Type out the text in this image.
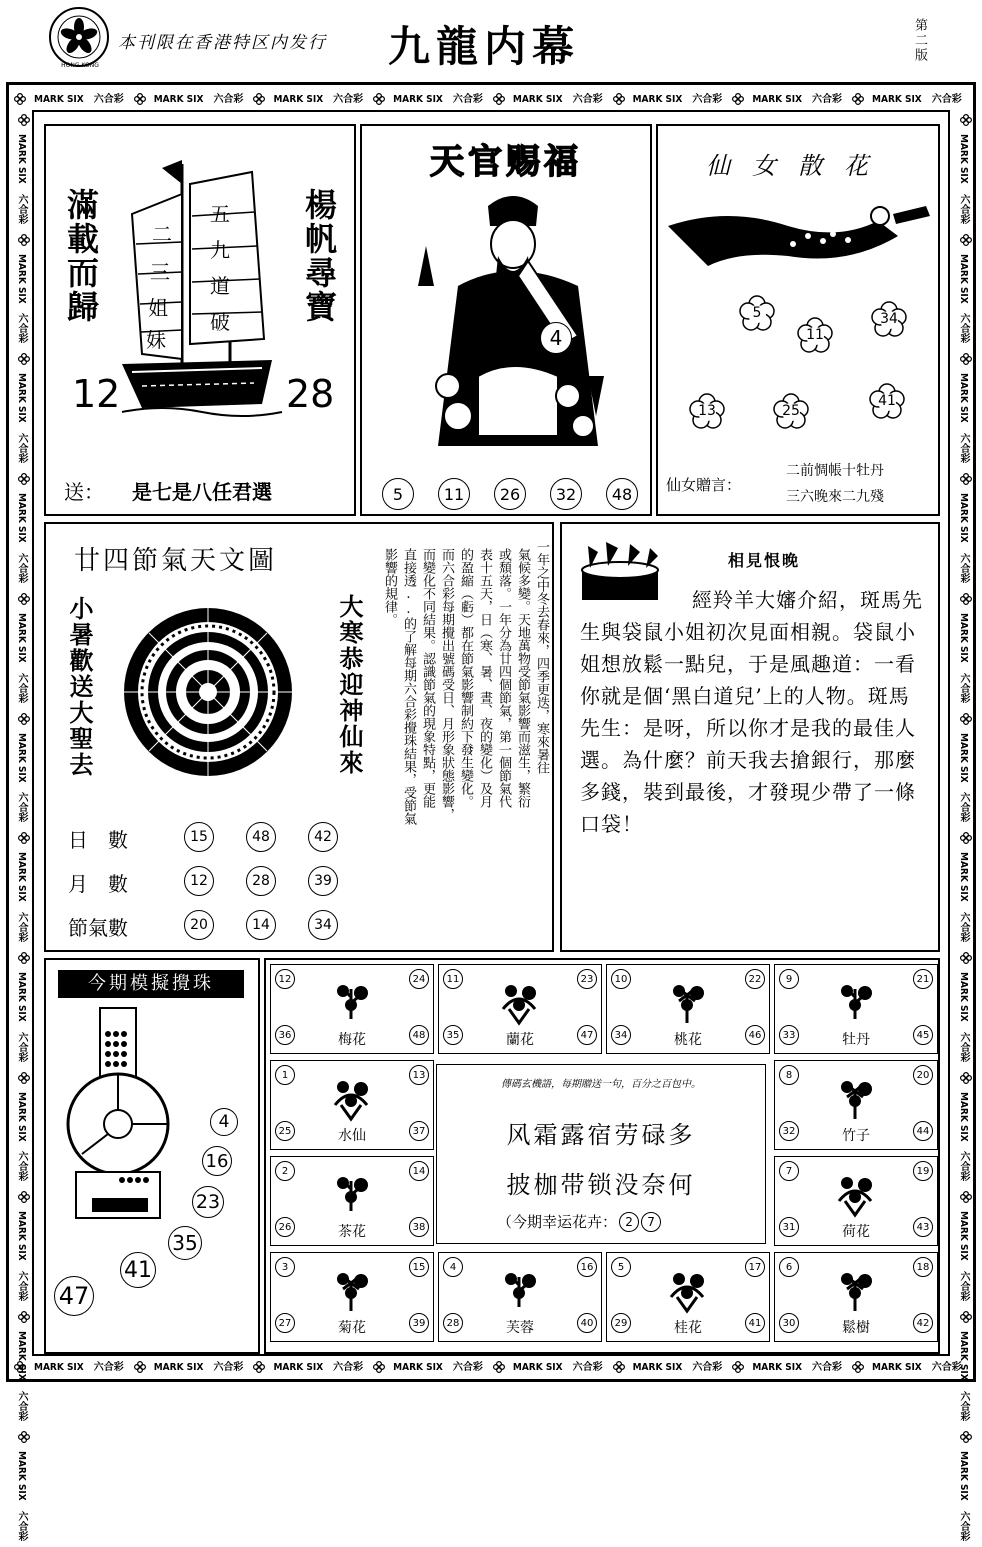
HONG KONG
本刊限在香港特区内发行 九龍内幕	第二版
MARK SIX 六合彩	MARK SIX 六合彩	MARK SIX 六合彩	MARK SIX 六合彩	MARK SIX 六合彩	MARK SIX 六合彩	MARK SIX 六合彩	MARK SIX 六合彩
MARK SIX 六合彩	MARK SIX 六合彩	MARK SIX 六合彩	MARK SIX 六合彩	MARK SIX 六合彩	MARK SIX 六合彩	MARK SIX 六合彩	MARK SIX 六合彩
MARK SIX六合彩MARK SIX六合彩MARK SIX六合彩MARK SIX六合彩MARK SIX六合彩MARK SIX六合彩MARK SIX六合彩MARK SIX六合彩MARK SIX六合彩MARK SIX六合彩MARK SIX六合彩MARK SIX六合彩
MARK SIX六合彩MARK SIX六合彩MARK SIX六合彩MARK SIX六合彩MARK SIX六合彩MARK SIX六合彩MARK SIX六合彩MARK SIX六合彩MARK SIX六合彩MARK SIX六合彩MARK SIX六合彩MARK SIX六合彩
滿載而歸	楊帆尋寶
五
九
道
破
二
三
姐
妹
12	28
送： 是七是八任君選
天官赐福
4
5	11	26	32	48
仙女散花
5
11
34
13	25
41
仙女贈言：
二前惆帳十牡丹
三六晚來二九殘
廿四節氣天文圖
小暑歡送大聖去	大寒恭迎神仙來	一年之中冬去春來，四季更迭，寒來暑往
氣候多變。天地萬物受節氣影響而滋生，繁衍
或頹落。一年分為廿四個節氣，第一個節氣代
表十五天，日（寒、暑、晝、夜的變化）及月
的盈縮（虧）都在節氣影響制約下發生變化。
而六合彩每期攪出號碼受日、月形象狀態影響，
而變化不同結果。認識節氣的現象特點，更能
直接透..的了解每期六合彩攪珠結果，受節氣
影響的規律。
日　數	15	48	42
月　數	12	28	39
節氣數	20	14	34
相見恨晚
經羚羊大嬸介紹，斑馬先生與袋鼠小姐初次見面相親。袋鼠小姐想放鬆一點兒，于是風趣道：一看你就是個‘黑白道兒’上的人物。斑馬先生：是呀，所以你才是我的最佳人選。為什麼？前天我去搶銀行，那麼多錢，裝到最後，才發現少帶了一條口袋！
今期模擬攪珠
4
16
23
35
41
47
12	24
36	48
梅花
11	23
35	47
蘭花
10	22
34	46
桃花
9	21
33	45
牡丹
1	13
25	37
水仙
8	20
32	44
竹子
2	14
26	38
茶花
7	19
31	43
荷花
3	15
27	39
菊花
4	16
28	40
芙蓉
5	17
29	41
桂花
6	18
30	42
鬆樹
傳碼玄機語，每期贈送一句，百分之百包中。
风霜露宿劳碌多
披枷带锁没奈何
（今期幸运花卉： 2	7
